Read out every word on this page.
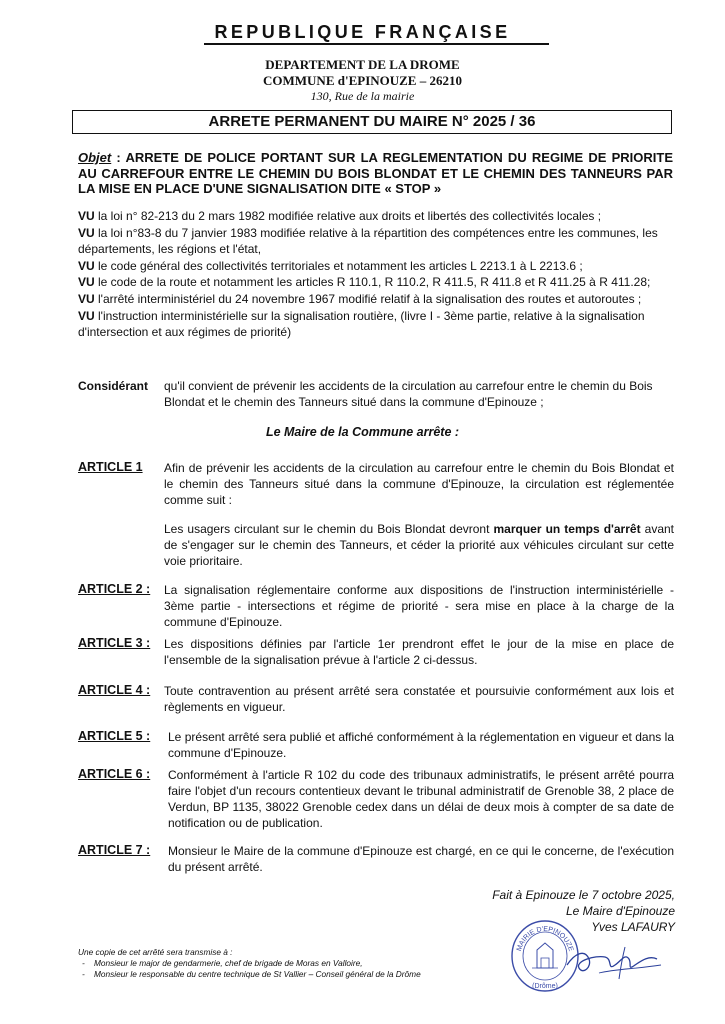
REPUBLIQUE FRANÇAISE
DEPARTEMENT DE LA DROME
COMMUNE d'EPINOUZE – 26210
130, Rue de la mairie
ARRETE PERMANENT DU MAIRE N° 2025 / 36
Objet : ARRETE DE POLICE PORTANT SUR LA REGLEMENTATION DU REGIME DE PRIORITE AU CARREFOUR ENTRE LE CHEMIN DU BOIS BLONDAT ET LE CHEMIN DES TANNEURS PAR LA MISE EN PLACE D'UNE SIGNALISATION DITE « STOP »
VU la loi n° 82-213 du 2 mars 1982 modifiée relative aux droits et libertés des collectivités locales ;
VU la loi n°83-8 du 7 janvier 1983 modifiée relative à la répartition des compétences entre les communes, les départements, les régions et l'état,
VU le code général des collectivités territoriales et notamment les articles L 2213.1 à L 2213.6 ;
VU le code de la route et notamment les articles R 110.1, R 110.2, R 411.5, R 411.8 et R 411.25 à R 411.28;
VU l'arrêté interministériel du 24 novembre 1967 modifié relatif à la signalisation des routes et autoroutes ;
VU l'instruction interministérielle sur la signalisation routière, (livre I - 3ème partie, relative à la signalisation d'intersection et aux régimes de priorité)
Considérant qu'il convient de prévenir les accidents de la circulation au carrefour entre le chemin du Bois Blondat et le chemin des Tanneurs situé dans la commune d'Epinouze ;
Le Maire de la Commune arrête :
ARTICLE 1 Afin de prévenir les accidents de la circulation au carrefour entre le chemin du Bois Blondat et le chemin des Tanneurs situé dans la commune d'Epinouze, la circulation est réglementée comme suit :
Les usagers circulant sur le chemin du Bois Blondat devront marquer un temps d'arrêt avant de s'engager sur le chemin des Tanneurs, et céder la priorité aux véhicules circulant sur cette voie prioritaire.
ARTICLE 2 : La signalisation réglementaire conforme aux dispositions de l'instruction interministérielle - 3ème partie - intersections et régime de priorité - sera mise en place à la charge de la commune d'Epinouze.
ARTICLE 3 : Les dispositions définies par l'article 1er prendront effet le jour de la mise en place de l'ensemble de la signalisation prévue à l'article 2 ci-dessus.
ARTICLE 4 : Toute contravention au présent arrêté sera constatée et poursuivie conformément aux lois et règlements en vigueur.
ARTICLE 5 : Le présent arrêté sera publié et affiché conformément à la réglementation en vigueur et dans la commune d'Epinouze.
ARTICLE 6 : Conformément à l'article R 102 du code des tribunaux administratifs, le présent arrêté pourra faire l'objet d'un recours contentieux devant le tribunal administratif de Grenoble 38, 2 place de Verdun, BP 1135, 38022 Grenoble cedex dans un délai de deux mois à compter de sa date de notification ou de publication.
ARTICLE 7 : Monsieur le Maire de la commune d'Epinouze est chargé, en ce qui le concerne, de l'exécution du présent arrêté.
Fait à Epinouze le 7 octobre 2025,
Le Maire d'Epinouze
Yves LAFAURY
Une copie de cet arrêté sera transmise à :
- Monsieur le major de gendarmerie, chef de brigade de Moras en Valloire,
- Monsieur le responsable du centre technique de St Vallier – Conseil général de la Drôme
MAIRIE D'EPINOUZE
(Drôme)
